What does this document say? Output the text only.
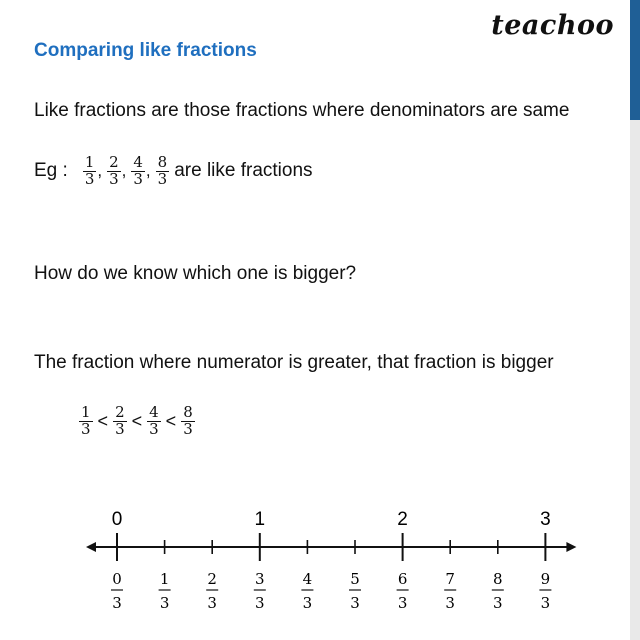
teachoo
Comparing like fractions
Like fractions are those fractions where denominators are same
Eg : $\frac{1}{3}$ , $\frac{2}{3}$ , $\frac{4}{3}$ , $\frac{8}{3}$ are like fractions
How do we know which one is bigger?
The fraction where numerator is greater, that fraction is bigger
$\frac{1}{3} < \frac{2}{3} < \frac{4}{3} < \frac{8}{3}$
0
3
0
1
3
2
3
3
3
1
4
3
5
3
6
3
2
7
3
8
3
9
3
3
